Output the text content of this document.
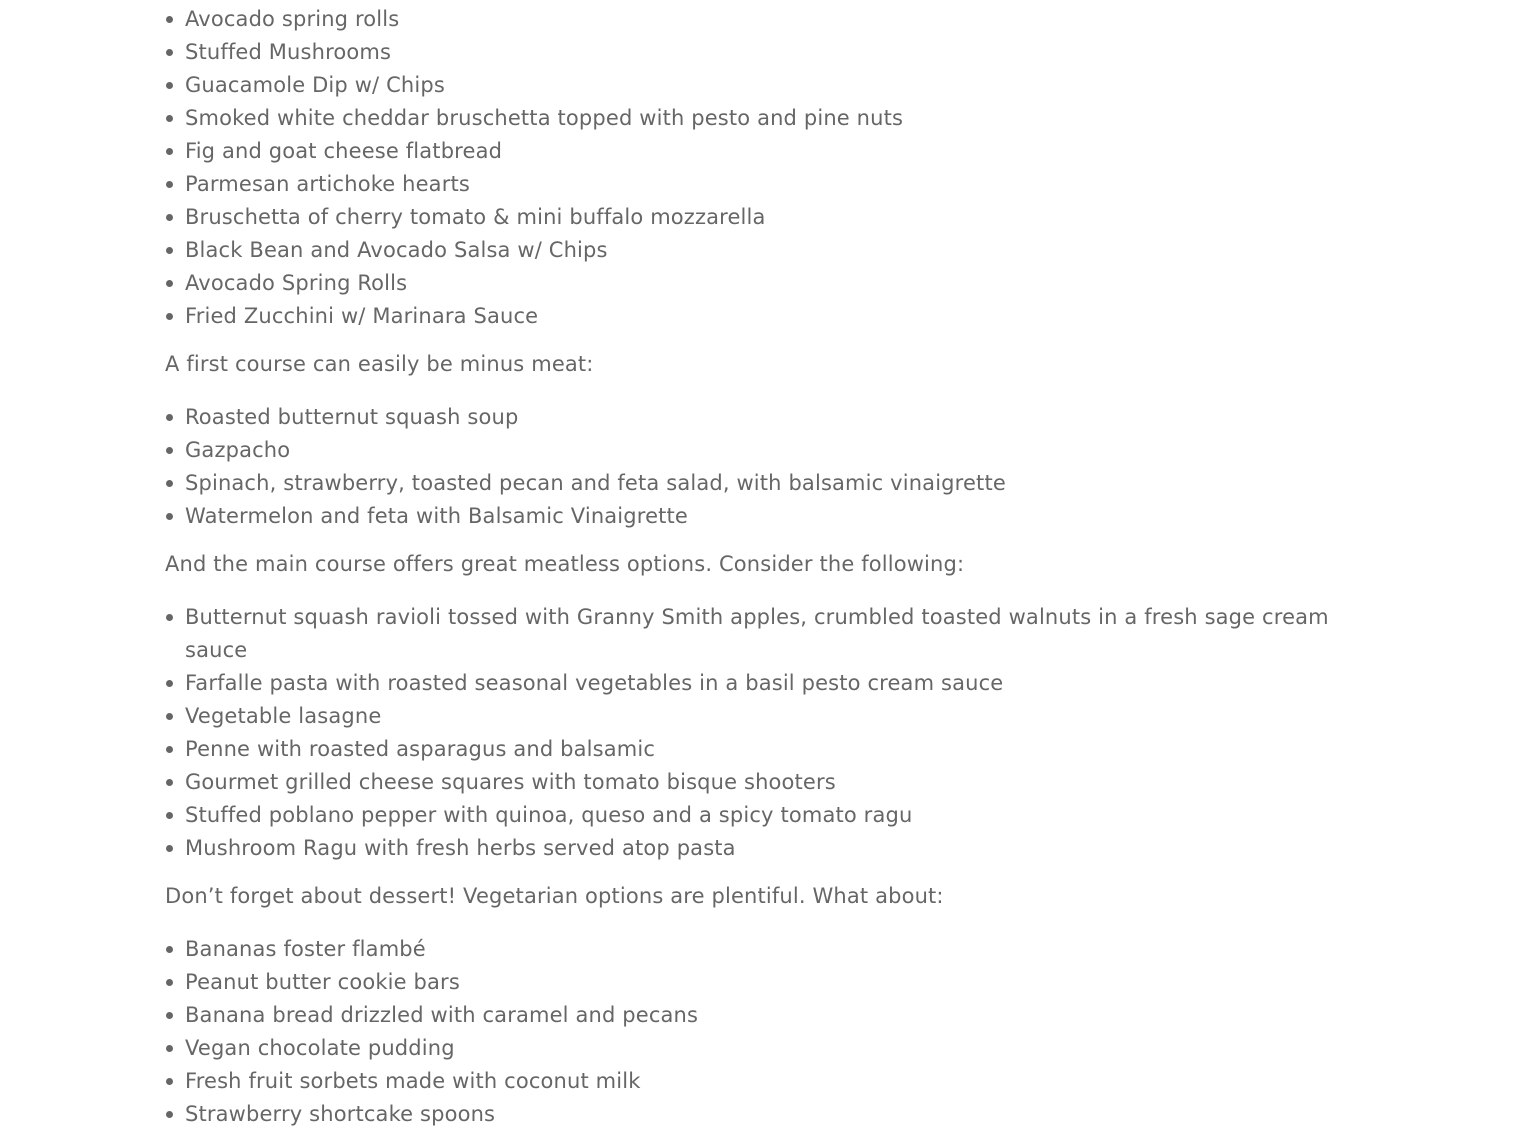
Avocado spring rolls
Stuffed Mushrooms
Guacamole Dip w/ Chips
Smoked white cheddar bruschetta topped with pesto and pine nuts
Fig and goat cheese flatbread
Parmesan artichoke hearts
Bruschetta of cherry tomato & mini buffalo mozzarella
Black Bean and Avocado Salsa w/ Chips
Avocado Spring Rolls
Fried Zucchini w/ Marinara Sauce

A first course can easily be minus meat:

Roasted butternut squash soup
Gazpacho
Spinach, strawberry, toasted pecan and feta salad, with balsamic vinaigrette
Watermelon and feta with Balsamic Vinaigrette

And the main course offers great meatless options. Consider the following:

Butternut squash ravioli tossed with Granny Smith apples, crumbled toasted walnuts in a fresh sage cream sauce
Farfalle pasta with roasted seasonal vegetables in a basil pesto cream sauce
Vegetable lasagne
Penne with roasted asparagus and balsamic
Gourmet grilled cheese squares with tomato bisque shooters
Stuffed poblano pepper with quinoa, queso and a spicy tomato ragu
Mushroom Ragu with fresh herbs served atop pasta

Don’t forget about dessert! Vegetarian options are plentiful. What about:

Bananas foster flambé
Peanut butter cookie bars
Banana bread drizzled with caramel and pecans
Vegan chocolate pudding
Fresh fruit sorbets made with coconut milk
Strawberry shortcake spoons
